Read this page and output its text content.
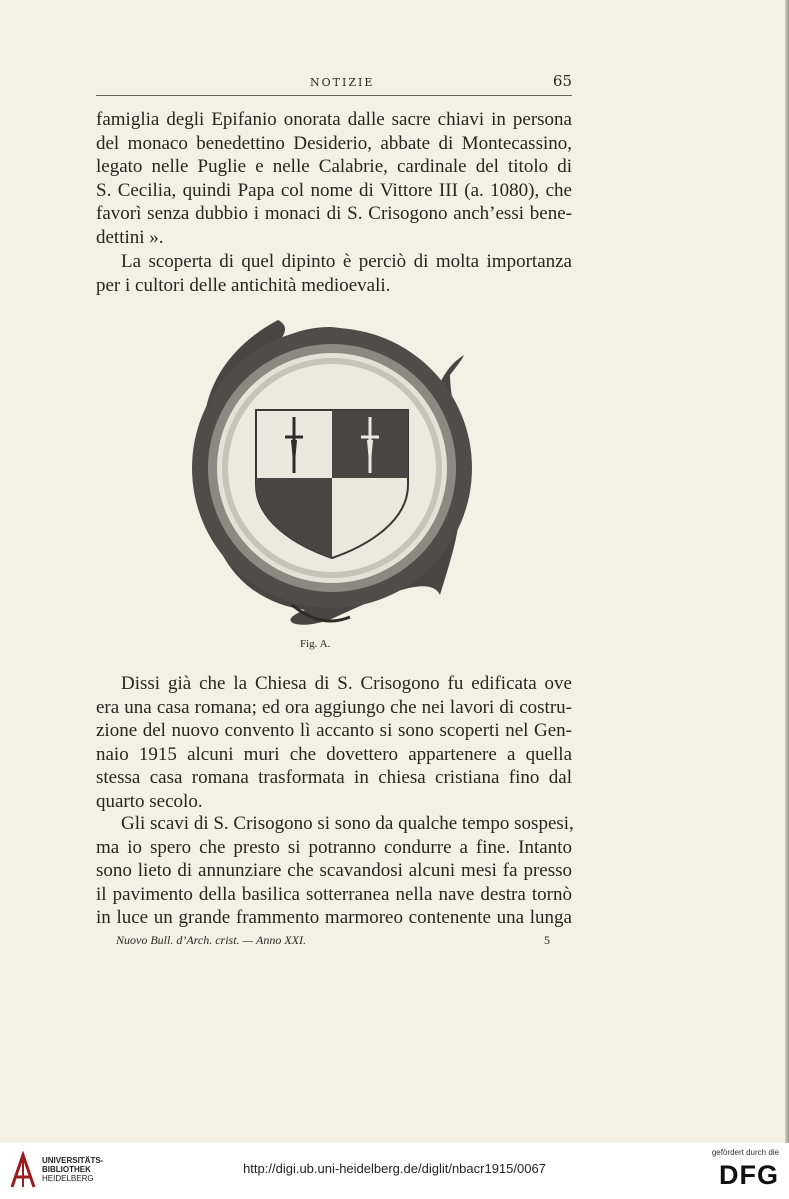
NOTIZIE	65

famiglia degli Epifanio onorata dalle sacre chiavi in persona
del monaco benedettino Desiderio, abbate di Montecassino,
legato nelle Puglie e nelle Calabrie, cardinale del titolo di
S. Cecilia, quindi Papa col nome di Vittore III (a. 1080), che
favorì senza dubbio i monaci di S. Crisogono anch’essi bene-
dettini ».

La scoperta di quel dipinto è perciò di molta importanza
per i cultori delle antichità medioevali.

Fig. A.

Dissi già che la Chiesa di S. Crisogono fu edificata ove
era una casa romana; ed ora aggiungo che nei lavori di costru-
zione del nuovo convento lì accanto si sono scoperti nel Gen-
naio 1915 alcuni muri che dovettero appartenere a quella
stessa casa romana trasformata in chiesa cristiana fino dal
quarto secolo.

Gli scavi di S. Crisogono si sono da qualche tempo sospesi,
ma io spero che presto si potranno condurre a fine. Intanto
sono lieto di annunziare che scavandosi alcuni mesi fa presso
il pavimento della basilica sotterranea nella nave destra tornò
in luce un grande frammento marmoreo contenente una lunga

Nuovo Bull. d’Arch. crist. — Anno XXI.	5
UNIVERSITÄTS-
BIBLIOTHEK
HEIDELBERG
http://digi.ub.uni-heidelberg.de/diglit/nbacr1915/0067
gefördert durch die
DFG
